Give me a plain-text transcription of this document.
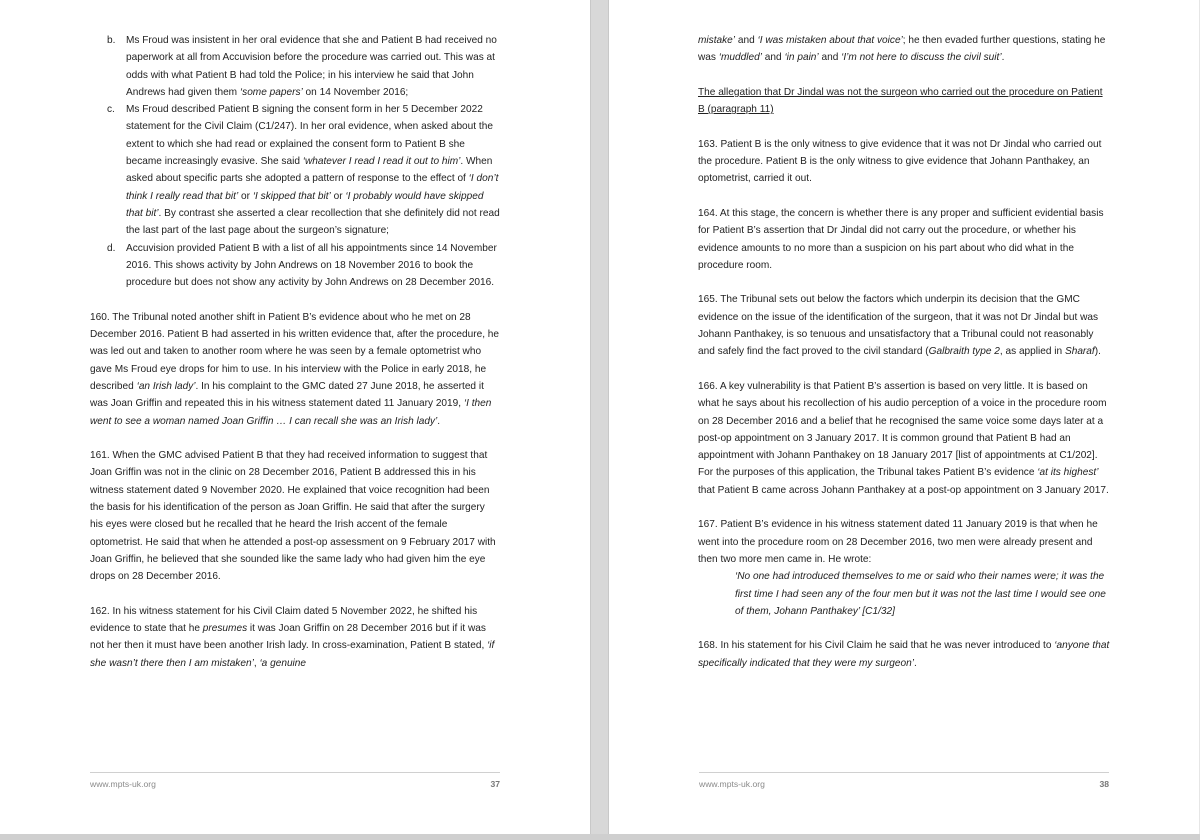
b. Ms Froud was insistent in her oral evidence that she and Patient B had received no paperwork at all from Accuvision before the procedure was carried out. This was at odds with what Patient B had told the Police; in his interview he said that John Andrews had given them ‘some papers’ on 14 November 2016;
c. Ms Froud described Patient B signing the consent form in her 5 December 2022 statement for the Civil Claim (C1/247). In her oral evidence, when asked about the extent to which she had read or explained the consent form to Patient B she became increasingly evasive. She said ‘whatever I read I read it out to him’. When asked about specific parts she adopted a pattern of response to the effect of ‘I don’t think I really read that bit’ or ‘I skipped that bit’ or ‘I probably would have skipped that bit’. By contrast she asserted a clear recollection that she definitely did not read the last part of the last page about the surgeon’s signature;
d. Accuvision provided Patient B with a list of all his appointments since 14 November 2016. This shows activity by John Andrews on 18 November 2016 to book the procedure but does not show any activity by John Andrews on 28 December 2016.
160. The Tribunal noted another shift in Patient B’s evidence about who he met on 28 December 2016. Patient B had asserted in his written evidence that, after the procedure, he was led out and taken to another room where he was seen by a female optometrist who gave Ms Froud eye drops for him to use. In his interview with the Police in early 2018, he described ‘an Irish lady’. In his complaint to the GMC dated 27 June 2018, he asserted it was Joan Griffin and repeated this in his witness statement dated 11 January 2019, ‘I then went to see a woman named Joan Griffin … I can recall she was an Irish lady’.
161. When the GMC advised Patient B that they had received information to suggest that Joan Griffin was not in the clinic on 28 December 2016, Patient B addressed this in his witness statement dated 9 November 2020. He explained that voice recognition had been the basis for his identification of the person as Joan Griffin. He said that after the surgery his eyes were closed but he recalled that he heard the Irish accent of the female optometrist. He said that when he attended a post-op assessment on 9 February 2017 with Joan Griffin, he believed that she sounded like the same lady who had given him the eye drops on 28 December 2016.
162. In his witness statement for his Civil Claim dated 5 November 2022, he shifted his evidence to state that he presumes it was Joan Griffin on 28 December 2016 but if it was not her then it must have been another Irish lady. In cross-examination, Patient B stated, ‘if she wasn’t there then I am mistaken’, ‘a genuine
www.mpts-uk.org	37
mistake’ and ‘I was mistaken about that voice’; he then evaded further questions, stating he was ‘muddled’ and ‘in pain’ and ‘I’m not here to discuss the civil suit’.
The allegation that Dr Jindal was not the surgeon who carried out the procedure on Patient B (paragraph 11)
163. Patient B is the only witness to give evidence that it was not Dr Jindal who carried out the procedure. Patient B is the only witness to give evidence that Johann Panthakey, an optometrist, carried it out.
164. At this stage, the concern is whether there is any proper and sufficient evidential basis for Patient B’s assertion that Dr Jindal did not carry out the procedure, or whether his evidence amounts to no more than a suspicion on his part about who did what in the procedure room.
165. The Tribunal sets out below the factors which underpin its decision that the GMC evidence on the issue of the identification of the surgeon, that it was not Dr Jindal but was Johann Panthakey, is so tenuous and unsatisfactory that a Tribunal could not reasonably and safely find the fact proved to the civil standard (Galbraith type 2, as applied in Sharaf).
166. A key vulnerability is that Patient B’s assertion is based on very little. It is based on what he says about his recollection of his audio perception of a voice in the procedure room on 28 December 2016 and a belief that he recognised the same voice some days later at a post-op appointment on 3 January 2017. It is common ground that Patient B had an appointment with Johann Panthakey on 18 January 2017 [list of appointments at C1/202]. For the purposes of this application, the Tribunal takes Patient B’s evidence ‘at its highest’ that Patient B came across Johann Panthakey at a post-op appointment on 3 January 2017.
167. Patient B’s evidence in his witness statement dated 11 January 2019 is that when he went into the procedure room on 28 December 2016, two men were already present and then two more men came in. He wrote:
‘No one had introduced themselves to me or said who their names were; it was the first time I had seen any of the four men but it was not the last time I would see one of them, Johann Panthakey’ [C1/32]
168. In his statement for his Civil Claim he said that he was never introduced to ‘anyone that specifically indicated that they were my surgeon’.
www.mpts-uk.org	38
